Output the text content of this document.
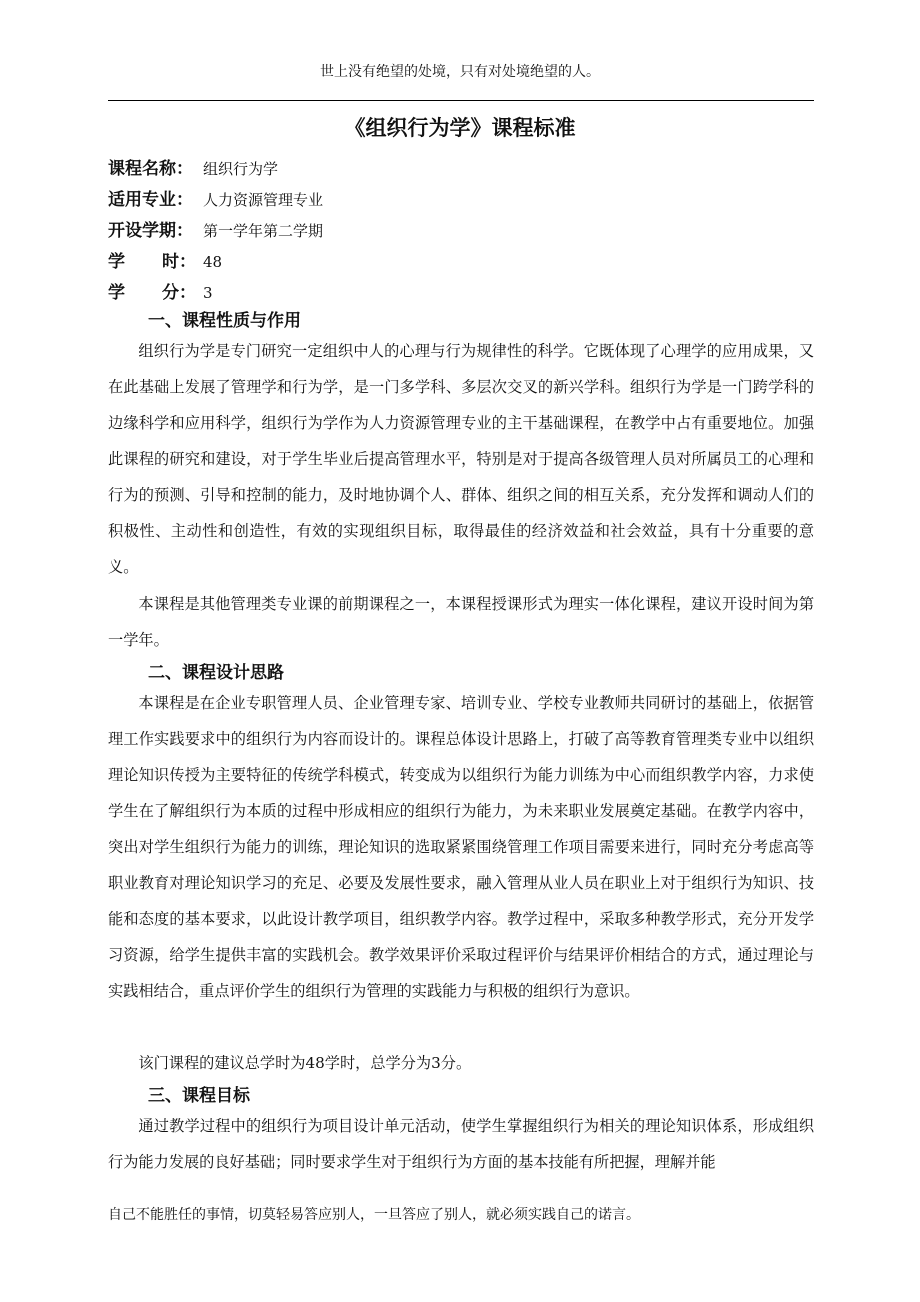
世上没有绝望的处境，只有对处境绝望的人。
《组织行为学》课程标准
课程名称： 组织行为学
适用专业： 人力资源管理专业
开设学期： 第一学年第二学期
学 时： 48
学 分： 3
一、课程性质与作用

组织行为学是专门研究一定组织中人的心理与行为规律性的科学。它既体现了心理学的应用成果，又在此基础上发展了管理学和行为学，是一门多学科、多层次交叉的新兴学科。组织行为学是一门跨学科的边缘科学和应用科学，组织行为学作为人力资源管理专业的主干基础课程，在教学中占有重要地位。加强此课程的研究和建设，对于学生毕业后提高管理水平，特别是对于提高各级管理人员对所属员工的心理和行为的预测、引导和控制的能力，及时地协调个人、群体、组织之间的相互关系，充分发挥和调动人们的积极性、主动性和创造性，有效的实现组织目标，取得最佳的经济效益和社会效益，具有十分重要的意义。

本课程是其他管理类专业课的前期课程之一，本课程授课形式为理实一体化课程，建议开设时间为第一学年。

二、课程设计思路

本课程是在企业专职管理人员、企业管理专家、培训专业、学校专业教师共同研讨的基础上，依据管理工作实践要求中的组织行为内容而设计的。课程总体设计思路上，打破了高等教育管理类专业中以组织理论知识传授为主要特征的传统学科模式，转变成为以组织行为能力训练为中心而组织教学内容，力求使学生在了解组织行为本质的过程中形成相应的组织行为能力，为未来职业发展奠定基础。在教学内容中，突出对学生组织行为能力的训练，理论知识的选取紧紧围绕管理工作项目需要来进行，同时充分考虑高等职业教育对理论知识学习的充足、必要及发展性要求，融入管理从业人员在职业上对于组织行为知识、技能和态度的基本要求，以此设计教学项目，组织教学内容。教学过程中，采取多种教学形式，充分开发学习资源，给学生提供丰富的实践机会。教学效果评价采取过程评价与结果评价相结合的方式，通过理论与实践相结合，重点评价学生的组织行为管理的实践能力与积极的组织行为意识。

该门课程的建议总学时为48学时，总学分为3分。

三、课程目标

通过教学过程中的组织行为项目设计单元活动，使学生掌握组织行为相关的理论知识体系，形成组织行为能力发展的良好基础；同时要求学生对于组织行为方面的基本技能有所把握，理解并能

自己不能胜任的事情，切莫轻易答应别人，一旦答应了别人，就必须实践自己的诺言。
